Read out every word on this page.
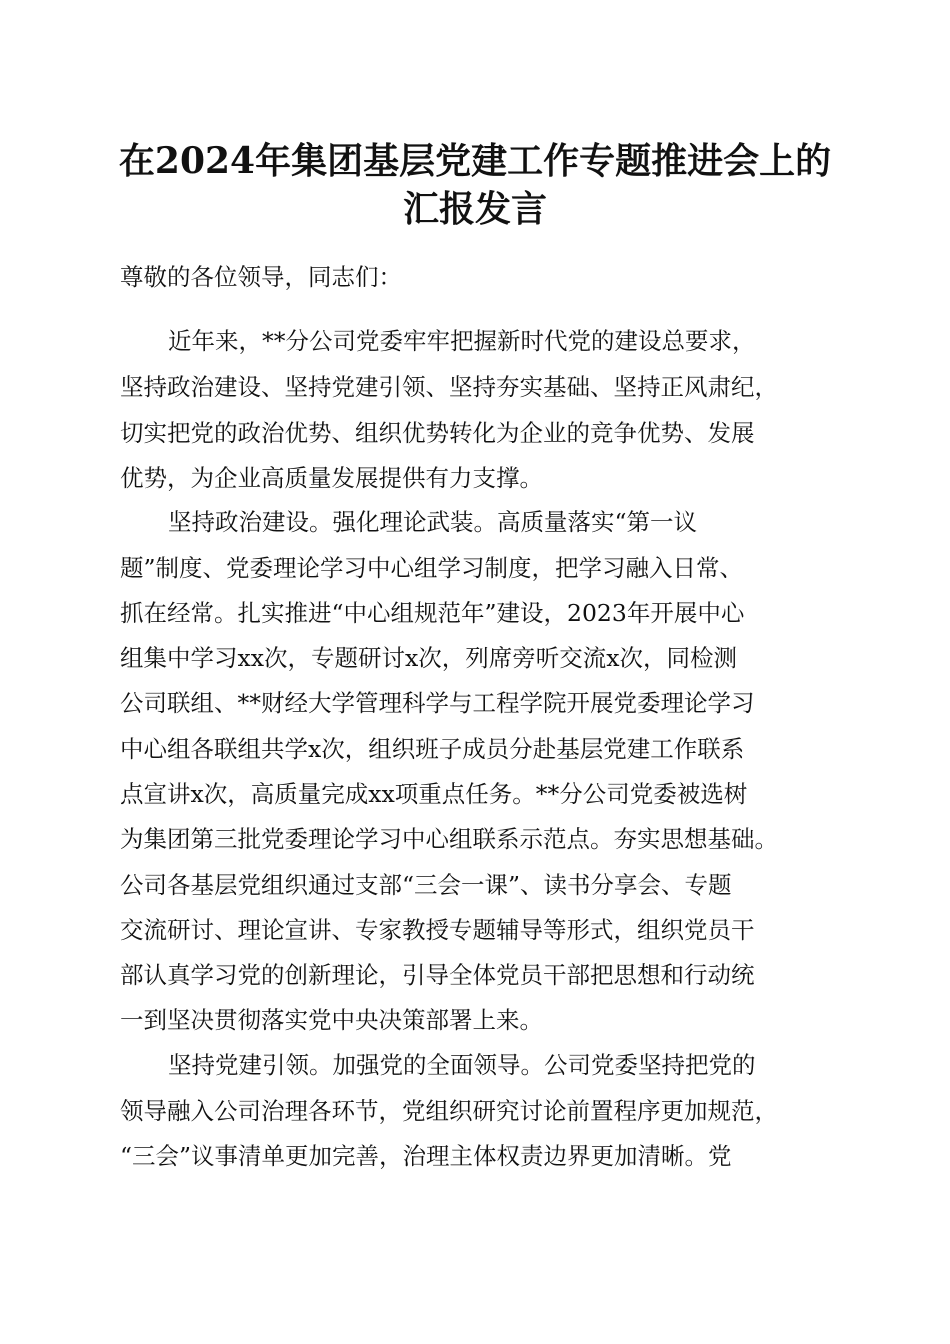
在2024年集团基层党建工作专题推进会上的
汇报发言

尊敬的各位领导，同志们：

近年来，**分公司党委牢牢把握新时代党的建设总要求，

坚持政治建设、坚持党建引领、坚持夯实基础、坚持正风肃纪，

切实把党的政治优势、组织优势转化为企业的竞争优势、发展

优势，为企业高质量发展提供有力支撑。

坚持政治建设。强化理论武装。高质量落实“第一议

题”制度、党委理论学习中心组学习制度，把学习融入日常、

抓在经常。扎实推进“中心组规范年”建设，2023年开展中心

组集中学习xx次，专题研讨x次，列席旁听交流x次，同检测

公司联组、**财经大学管理科学与工程学院开展党委理论学习

中心组各联组共学x次，组织班子成员分赴基层党建工作联系

点宣讲x次，高质量完成xx项重点任务。**分公司党委被选树

为集团第三批党委理论学习中心组联系示范点。夯实思想基础。

公司各基层党组织通过支部“三会一课”、读书分享会、专题

交流研讨、理论宣讲、专家教授专题辅导等形式，组织党员干

部认真学习党的创新理论，引导全体党员干部把思想和行动统

一到坚决贯彻落实党中央决策部署上来。

坚持党建引领。加强党的全面领导。公司党委坚持把党的

领导融入公司治理各环节，党组织研究讨论前置程序更加规范，

“三会”议事清单更加完善，治理主体权责边界更加清晰。党
